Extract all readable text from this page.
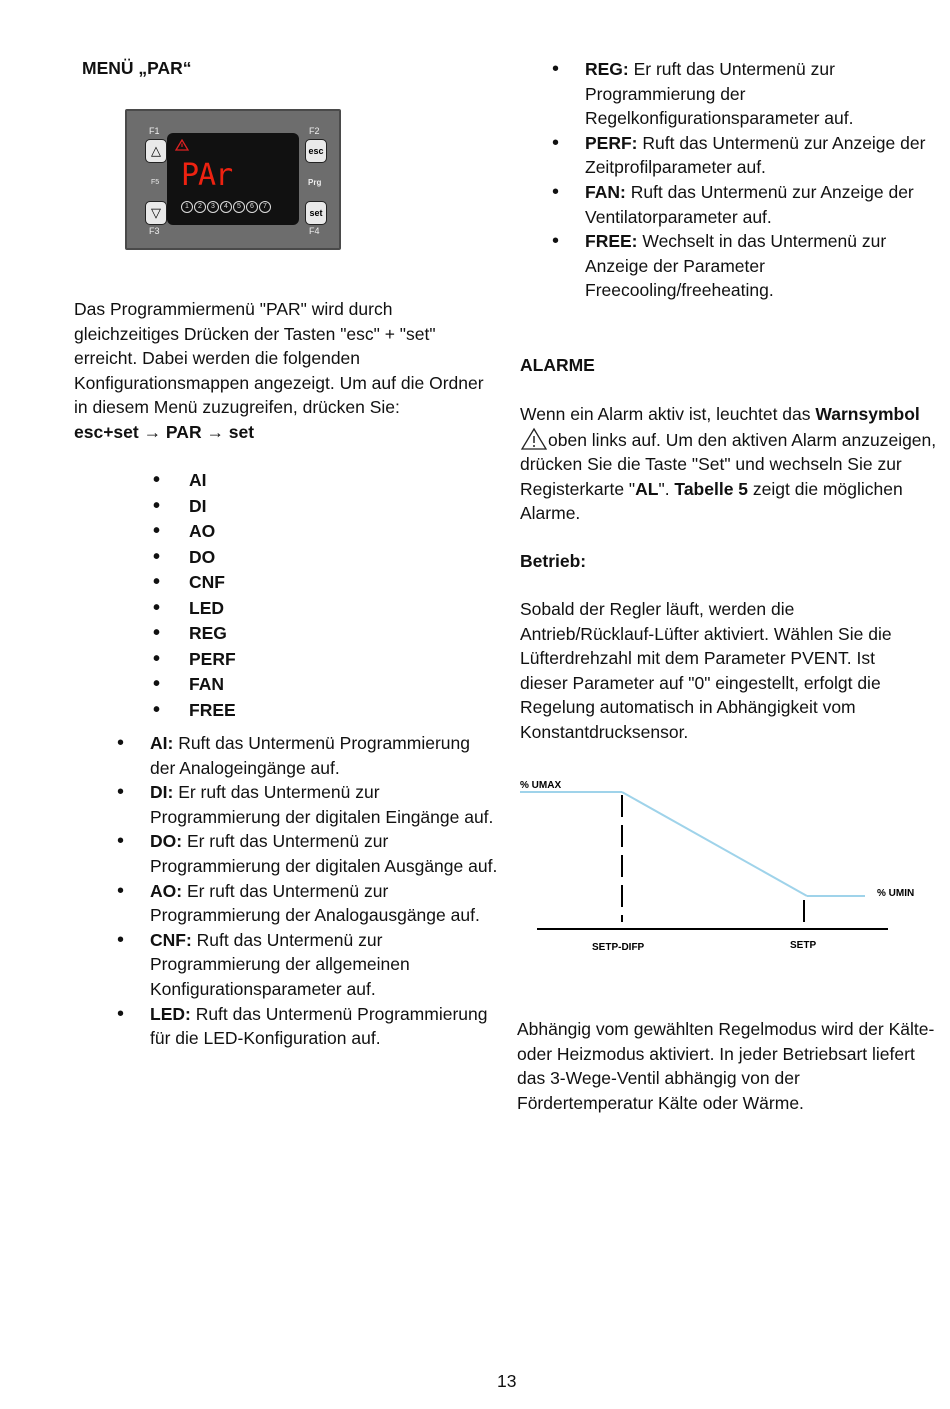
MENÜ „PAR“
F1	F2
△	esc
F5	Prg
▽	set
F3	F4
PAr
1	2	3	4	5	6	7

Das Programmiermenü "PAR" wird durch gleichzeitiges Drücken der Tasten "esc" + "set" erreicht. Dabei werden die folgenden Konfigurationsmappen angezeigt. Um auf die Ordner in diesem Menü zuzugreifen, drücken Sie:

esc+set → PAR → set

• AI
• DI
• AO
• DO
• CNF
• LED
• REG
• PERF
• FAN
• FREE
• AI: Ruft das Untermenü Programmierung der Analogeingänge auf.
• DI: Er ruft das Untermenü zur Programmierung der digitalen Eingänge auf.
• DO: Er ruft das Untermenü zur Programmierung der digitalen Ausgänge auf.
• AO: Er ruft das Untermenü zur Programmierung der Analogausgänge auf.
• CNF: Ruft das Untermenü zur Programmierung der allgemeinen Konfigurationsparameter auf.
• LED: Ruft das Untermenü Programmierung für die LED-Konfiguration auf.
• REG: Er ruft das Untermenü zur Programmierung der Regelkonfigurationsparameter auf.
• PERF: Ruft das Untermenü zur Anzeige der Zeitprofilparameter auf.
• FAN: Ruft das Untermenü zur Anzeige der Ventilatorparameter auf.
• FREE: Wechselt in das Untermenü zur Anzeige der Parameter Freecooling/freeheating.
ALARME
Wenn ein Alarm aktiv ist, leuchtet das Warnsymboloben links auf. Um den aktiven Alarm anzuzeigen, drücken Sie die Taste "Set" und wechseln Sie zur Registerkarte "AL". Tabelle 5 zeigt die möglichen Alarme.
Betrieb:
Sobald der Regler läuft, werden die Antrieb/Rücklauf-Lüfter aktiviert. Wählen Sie die Lüfterdrehzahl mit dem Parameter PVENT. Ist dieser Parameter auf "0" eingestellt, erfolgt die Regelung automatisch in Abhängigkeit vom Konstantdrucksensor.
% UMAX
% UMIN
SETP-DIFP	SETP
Abhängig vom gewählten Regelmodus wird der Kälte- oder Heizmodus aktiviert. In jeder Betriebsart liefert das 3-Wege-Ventil abhängig von der Fördertemperatur Kälte oder Wärme.
13
